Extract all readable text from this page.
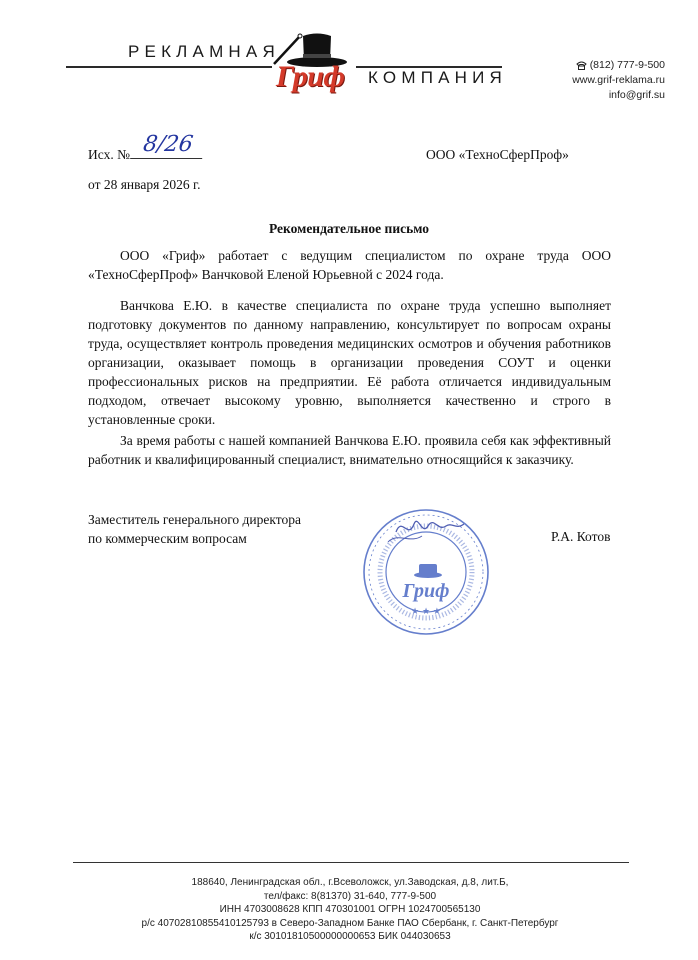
РЕКЛАМНАЯ
Гриф КОМПАНИЯ
(812) 777-9-500
www.grif-reklama.ru
info@grif.su
Исх. № 8/26	ООО «ТехноСферПроф»
от 28 января 2026 г.
Рекомендательное письмо
ООО «Гриф» работает с ведущим специалистом по охране труда ООО «ТехноСферПроф» Ванчковой Еленой Юрьевной с 2024 года.
Ванчкова Е.Ю. в качестве специалиста по охране труда успешно выполняет подготовку документов по данному направлению, консультирует по вопросам охраны труда, осуществляет контроль проведения медицинских осмотров и обучения работников организации, оказывает помощь в организации проведения СОУТ и оценки профессиональных рисков на предприятии. Её работа отличается индивидуальным подходом, отвечает высокому уровню, выполняется качественно и строго в установленные сроки.
За время работы с нашей компанией Ванчкова Е.Ю. проявила себя как эффективный работник и квалифицированный специалист, внимательно относящийся к заказчику.
Заместитель генерального директора
по коммерческим вопросам
Гриф
★ ★ ★
Р.А. Котов
188640, Ленинградская обл., г.Всеволожск, ул.Заводская, д.8, лит.Б,
тел/факс: 8(81370) 31-640, 777-9-500
ИНН 4703008628 КПП 470301001 ОГРН 1024700565130
р/с 40702810855410125793 в Северо-Западном Банке ПАО Сбербанк, г. Санкт-Петербург
к/с 30101810500000000653 БИК 044030653
